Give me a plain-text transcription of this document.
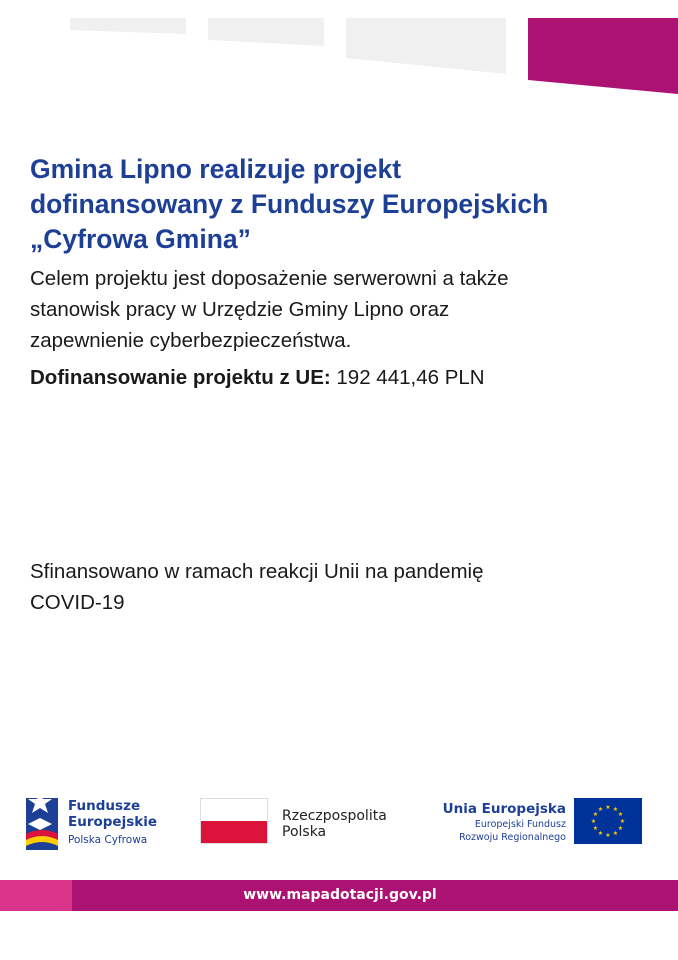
Gmina Lipno realizuje projekt
dofinansowany z Funduszy Europejskich
„Cyfrowa Gmina”

Celem projektu jest doposażenie serwerowni a także
stanowisk pracy w Urzędzie Gminy Lipno oraz
zapewnienie cyberbezpieczeństwa.

Dofinansowanie projektu z UE: 192 441,46 PLN

Sfinansowano w ramach reakcji Unii na pandemię
COVID-19

Fundusze
Europejskie
Polska Cyfrowa
Rzeczpospolita
Polska
Unia Europejska
Europejski Fundusz
Rozwoju Regionalnego
★ ★
★
★
★
★
★
★
★
★
★
★
www.mapadotacji.gov.pl
